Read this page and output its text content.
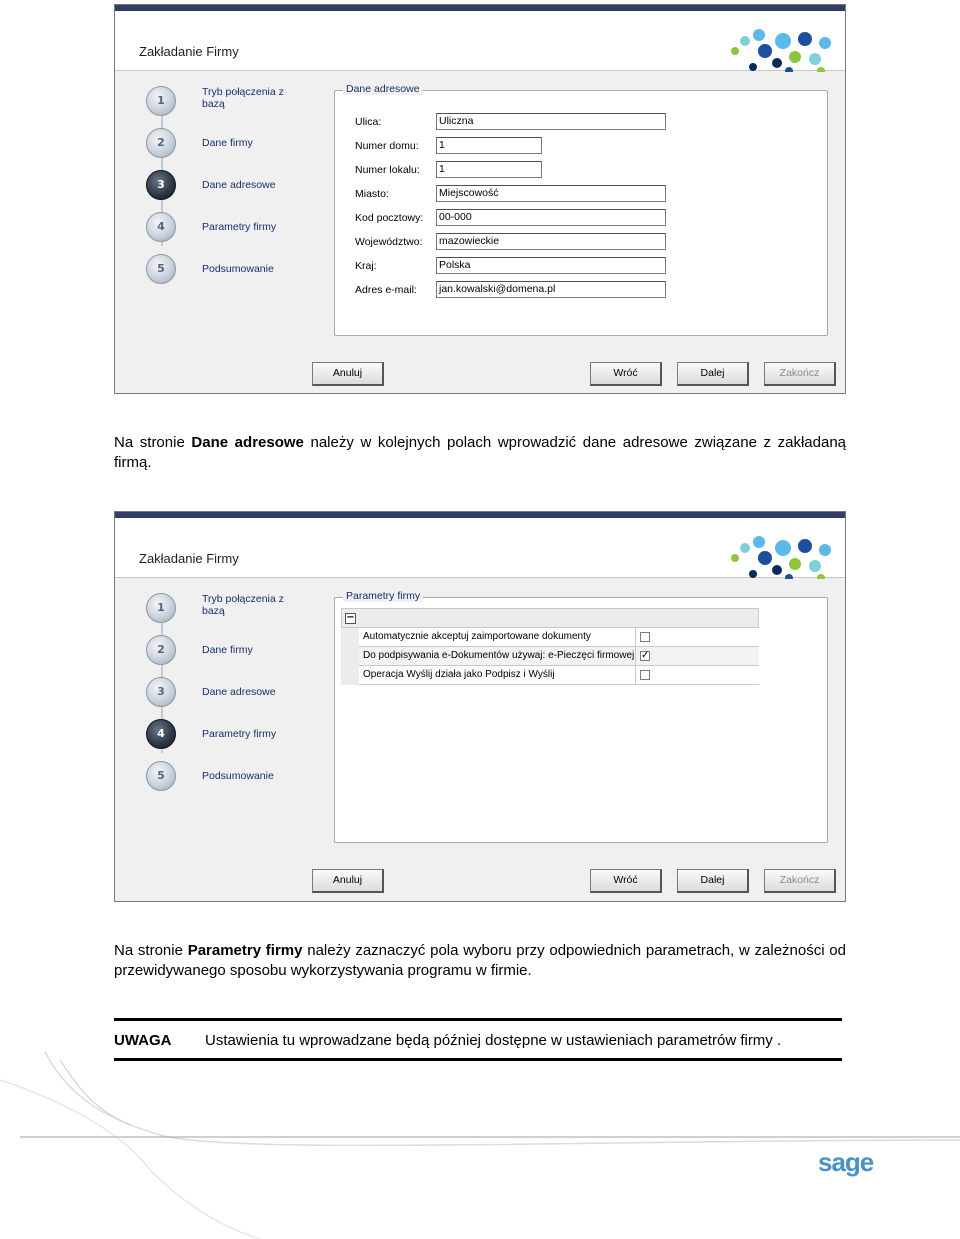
Zakładanie Firmy
1
Tryb połączenia z bazą
2	Dane firmy
3	Dane adresowe
4	Parametry firmy
5	Podsumowanie
Dane adresowe
Ulica:	Uliczna
Numer domu: 1
Numer lokalu: 1
Miasto:	Miejscowość
Kod pocztowy: 00-000
Województwo: mazowieckie
Kraj:	Polska
Adres e-mail: jan.kowalski@domena.pl
Anuluj	Wróć	Dalej	Zakończ

Na stronie Dane adresowe należy w kolejnych polach wprowadzić dane adresowe związane z zakładaną firmą.

Zakładanie Firmy
1
Tryb połączenia z bazą
2	Dane firmy
3	Dane adresowe
4	Parametry firmy
5	Podsumowanie
Parametry firmy
−
Automatycznie akceptuj zaimportowane dokumenty
Do podpisywania e-Dokumentów używaj: e-Pieczęci firmowej ✓
Operacja Wyślij działa jako Podpisz i Wyślij
Anuluj	Wróć	Dalej	Zakończ

Na stronie Parametry firmy należy zaznaczyć pola wyboru przy odpowiednich parametrach, w zależności od przewidywanego sposobu wykorzystywania programu w firmie.

UWAGA Ustawienia tu wprowadzane będą później dostępne w ustawieniach parametrów firmy .
sage
